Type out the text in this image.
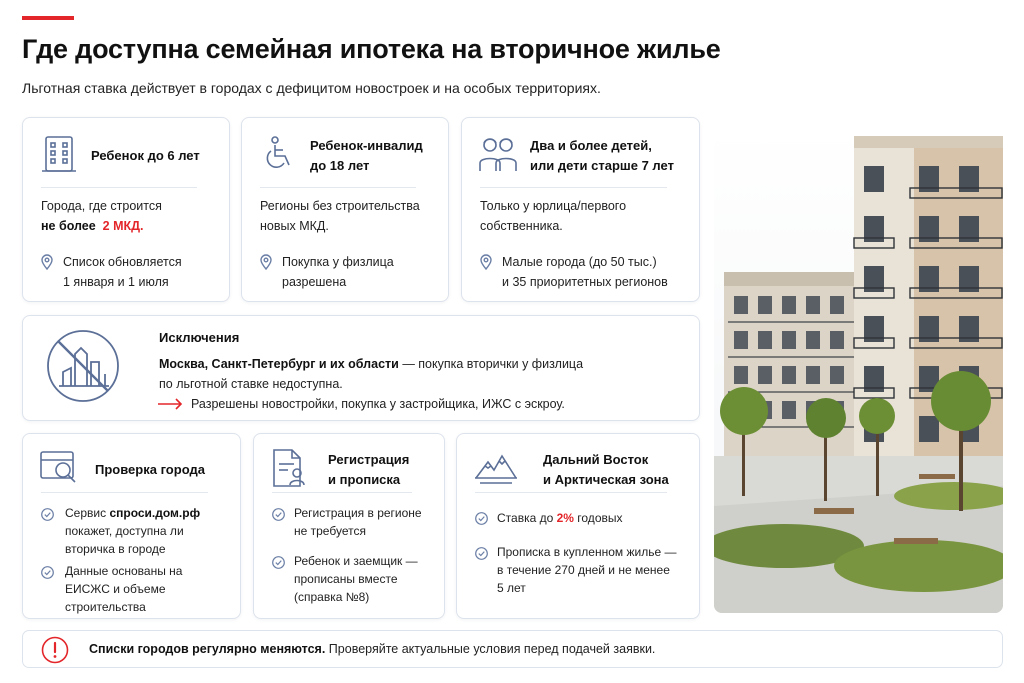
Где доступна семейная ипотека на вторичное жилье

Льготная ставка действует в городах с дефицитом новостроек и на особых территориях.

Ребенок до 6 лет
Города, где строится
не более 2 МКД.
Список обновляется
1 января и 1 июля
Ребенок-инвалид
до 18 лет
Регионы без строительства
новых МКД.
Покупка у физлица
разрешена
Два и более детей,
или дети старше 7 лет
Только у юрлица/первого
собственника.
Малые города (до 50 тыс.)
и 35 приоритетных регионов
Исключения
Москва, Санкт-Петербург и их области — покупка вторички у физлица
по льготной ставке недоступна.
Разрешены новостройки, покупка у застройщика, ИЖС с эскроу.
Проверка города
Сервис спроси.дом.рф
покажет, доступна ли
вторичка в городе
Данные основаны на
ЕИСЖС и объеме
строительства
Регистрация
и прописка
Регистрация в регионе
не требуется
Ребенок и заемщик —
прописаны вместе
(справка №8)
Дальний Восток
и Арктическая зона
Ставка до 2% годовых
Прописка в купленном жилье —
в течение 270 дней и не менее
5 лет
Списки городов регулярно меняются. Проверяйте актуальные условия перед подачей заявки.
